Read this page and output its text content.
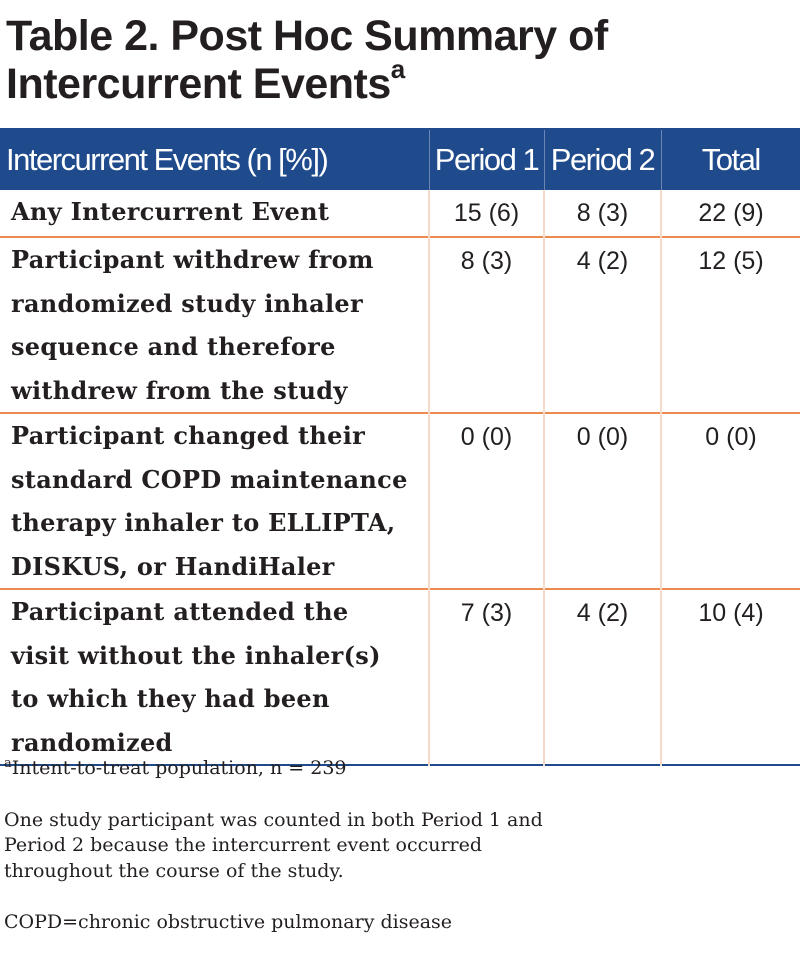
Table 2. Post Hoc Summary of
Intercurrent Events$^a$
Intercurrent Events (n [%])	Period 1	Period 2	Total

Any Intercurrent Event	15 (6)	8 (3)	22 (9)

Participant withdrew from
randomized study inhaler
sequence and therefore
withdrew from the study	8 (3)	4 (2)	12 (5)

Participant changed their
standard COPD maintenance
therapy inhaler to ELLIPTA,
DISKUS, or HandiHaler	0 (0)	0 (0)	0 (0)

Participant attended the
visit without the inhaler(s)
to which they had been
randomized	7 (3)	4 (2)	10 (4)

$^a$Intent-to-treat population, n = 239

One study participant was counted in both Period 1 and
Period 2 because the intercurrent event occurred
throughout the course of the study.

COPD=chronic obstructive pulmonary disease
